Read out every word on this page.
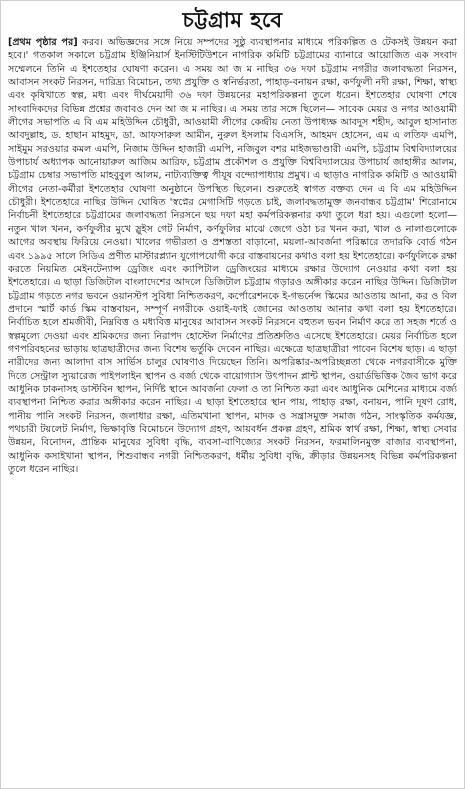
চট্টগ্রাম হবে
[প্রথম পৃষ্ঠার পর] করব। অভিজ্ঞদের সঙ্গে নিয়ে সম্পদের সুষ্ঠু ব্যবস্থাপনার মাধ্যমে পরিকল্পিত ও টেকসই উন্নয়ন করা হবে।' গতকাল সকালে চট্টগ্রাম ইঞ্জিনিয়ার্স ইনস্টিটিউশনে নাগরিক কমিটি চট্টগ্রামের ব্যানারে আয়োজিত এক সংবাদ সম্মেলনে তিনি এ ইশতেহার ঘোষণা করেন। এ সময় আ জ ম নাছির ৩৬ দফা চট্টগ্রাম নগরীর জলাবদ্ধতা নিরসন, আবাসন সংকট নিরসন, দারিদ্র্য বিমোচন, তথ্য প্রযুক্তি ও স্বনির্ভরতা, পাহাড়-বনায়ন রক্ষা, কর্ণফুলী নদী রক্ষা, শিক্ষা, স্বাস্থ্য এবং কৃষিখাতে স্বল্প, মধ্য এবং দীর্ঘমেয়াদী ৩৬ দফা উন্নয়নের মহাপরিকল্পনা তুলে ধরেন। ইশতেহার ঘোষণা শেষে সাংবাদিকদের বিভিন্ন প্রশ্নের জবাবও দেন আ জ ম নাছির। এ সময় তার সঙ্গে ছিলেন— সাবেক মেয়র ও নগর আওয়ামী লীগের সভাপতি এ বি এম মহিউদ্দিন চৌধুরী, আওয়ামী লীগের কেন্দ্রীয় নেতা উপাধ্যক্ষ আবদুস শহীদ, আবুল হাসানাত আবদুল্লাহ, ড. হাছান মাহমুদ, ডা. আফসারুল আমীন, নুরুল ইসলাম বিএসসি, আহমদ হোসেন, এম এ লতিফ এমপি, সাইমুম সরওয়ার কমল এমপি, নিজাম উদ্দিন হাজারী এমপি, নজিবুল বশর মাইজভাণ্ডারী এমপি, চট্টগ্রাম বিশ্ববিদ্যালয়ের উপাচার্য অধ্যাপক আনোয়ারুল আজিম আরিফ, চট্টগ্রাম প্রকৌশল ও প্রযুক্তি বিশ্ববিদ্যালয়ের উপাচার্য জাহাঙ্গীর আলম, চট্টগ্রাম চেম্বার সভাপতি মাহবুবুল আলম, নাট্যব্যক্তিত্ব পীযূষ বন্দ্যোপাধ্যায় প্রমুখ। এ ছাড়াও নাগরিক কমিটি ও আওয়ামী লীগের নেতা-কর্মীরা ইশতেহার ঘোষণা অনুষ্ঠানে উপস্থিত ছিলেন। শুরুতেই স্বাগত বক্তব্য দেন এ বি এম মহিউদ্দিন চৌধুরী। ইশতেহারে নাছির উদ্দিন ঘোষিত 'স্বপ্নের মেগাসিটি গড়তে চাই, জলাবদ্ধতামুক্ত জনবান্ধব চট্টগ্রাম' শিরোনামে নির্বাচনী ইশতেহারে চট্টগ্রামের জলাবদ্ধতা নিরসনে ছয় দফা মহা কর্মপরিকল্পনার কথা তুলে ধরা হয়। এগুলো হলো— নতুন খাল খনন, কর্ণফুলীর মুখে স্লুইস গেট নির্মাণ, কর্ণফুলির মাঝে জেগে ওঠা চর খনন করা, খাল ও নালাগুলোকে আগের অবস্থায় ফিরিয়ে নেওয়া। খালের গভীরতা ও প্রশস্ততা বাড়ানো, ময়লা-আবর্জনা পরিষ্কারে তদারকি বোর্ড গঠন এবং ১৯৯৫ সালে সিডিএ প্রণীত মাস্টারপ্ল্যান যুগোপযোগী করে বাস্তবায়নের কথাও বলা হয় ইশতেহারে। কর্ণফুলিকে রক্ষা করতে নিয়মিত মেইনটেন্যান্স ড্রেজিং এবং ক্যাপিটাল ড্রেজিংয়ের মাধ্যমে রক্ষার উদ্যোগ নেওয়ার কথা বলা হয় ইশতেহারে। এ ছাড়া ডিজিটাল বাংলাদেশের আদলে ডিজিটাল চট্টগ্রাম গড়ারও অঙ্গীকার করেন নাছির উদ্দিন। ডিজিটাল চট্টগ্রাম গড়তে নগর ভবনে ওয়ানস্টপ সুবিধা নিশ্চিতকরণ, কর্পোরেশনকে ই-গভর্নেন্স স্কিমের আওতায় আনা, কর ও বিল প্রদানে স্মার্ট কার্ড স্কিম বাস্তবায়ন, সম্পূর্ণ নগরীকে ওয়াই-ফাই জোনের আওতায় আনার কথা বলা হয় ইশতেহারে। নির্বাচিত হলে শ্রমজীবী, নিম্নবিত্ত ও মধ্যবিত্ত মানুষের আবাসন সংকট নিরসনে বহুতল ভবন নির্মাণ করে তা সহজ শর্তে ও স্বল্পমূল্যে দেওয়া এবং শ্রমিকদের জন্য নিরাপদ হোস্টেল নির্মাণের প্রতিশ্রুতিও এসেছে ইশতেহারে। মেয়র নির্বাচিত হলে গণপরিবহনের ভাড়ায় ছাত্রছাত্রীদের জন্য বিশেষ ভর্তুকি দেবেন নাছির। এক্ষেত্রে ছাত্রছাত্রীরা পাবেন বিশেষ ছাড়। এ ছাড়া নারীদের জন্য আলাদা বাস সার্ভিস চালুর ঘোষণাও দিয়েছেন তিনি। অপরিষ্কার-অপরিচ্ছন্নতা থেকে নগরবাসীকে মুক্তি দিতে সেন্ট্রাল স্যুয়ারেজ পাইপলাইন স্থাপন ও বর্জ্য থেকে বায়োগ্যাস উৎপাদন প্লান্ট স্থাপন, ওয়ার্ডভিত্তিক জৈব ভাগ করে আধুনিক ঢাকনাসহ ডাস্টবিন স্থাপন, নির্দিষ্ট স্থানে আবর্জনা ফেলা ও তা নিশ্চিত করা এবং আধুনিক মেশিনের মাধ্যমে বর্জ্য ব্যবস্থাপনা নিশ্চিত করার অঙ্গীকার করেন নাছির। এ ছাড়া ইশতেহারে স্থান পায়, পাহাড় রক্ষা, বনায়ন, পানি দূষণ রোধ, পানীয় পানি সংকট নিরসন, জলাধার রক্ষা, এতিমখানা স্থাপন, মাদক ও সন্ত্রাসমুক্ত সমাজ গঠন, সাংস্কৃতিক কর্মযজ্ঞ, পথচারী টয়লেট নির্মাণ, ভিক্ষাবৃত্তি বিমোচনে উদ্যোগ গ্রহণ, আয়বর্ধন প্রকল্প গ্রহণ, শ্রমিক স্বার্থ রক্ষা, শিক্ষা, স্বাস্থ্য সেবার উন্নয়ন, বিনোদন, প্রান্তিক মানুষের সুবিধা বৃদ্ধি, ব্যবসা-বাণিজ্যের সংকট নিরসন, ফরমালিনমুক্ত বাজার ব্যবস্থাপনা, আধুনিক কসাইখানা স্থাপন, শিশুবান্ধব নগরী নিশ্চিতকরণ, ধর্মীয় সুবিধা বৃদ্ধি, ক্রীড়ার উন্নয়নসহ বিভিন্ন কর্মপরিকল্পনা তুলে ধরেন নাছির।
